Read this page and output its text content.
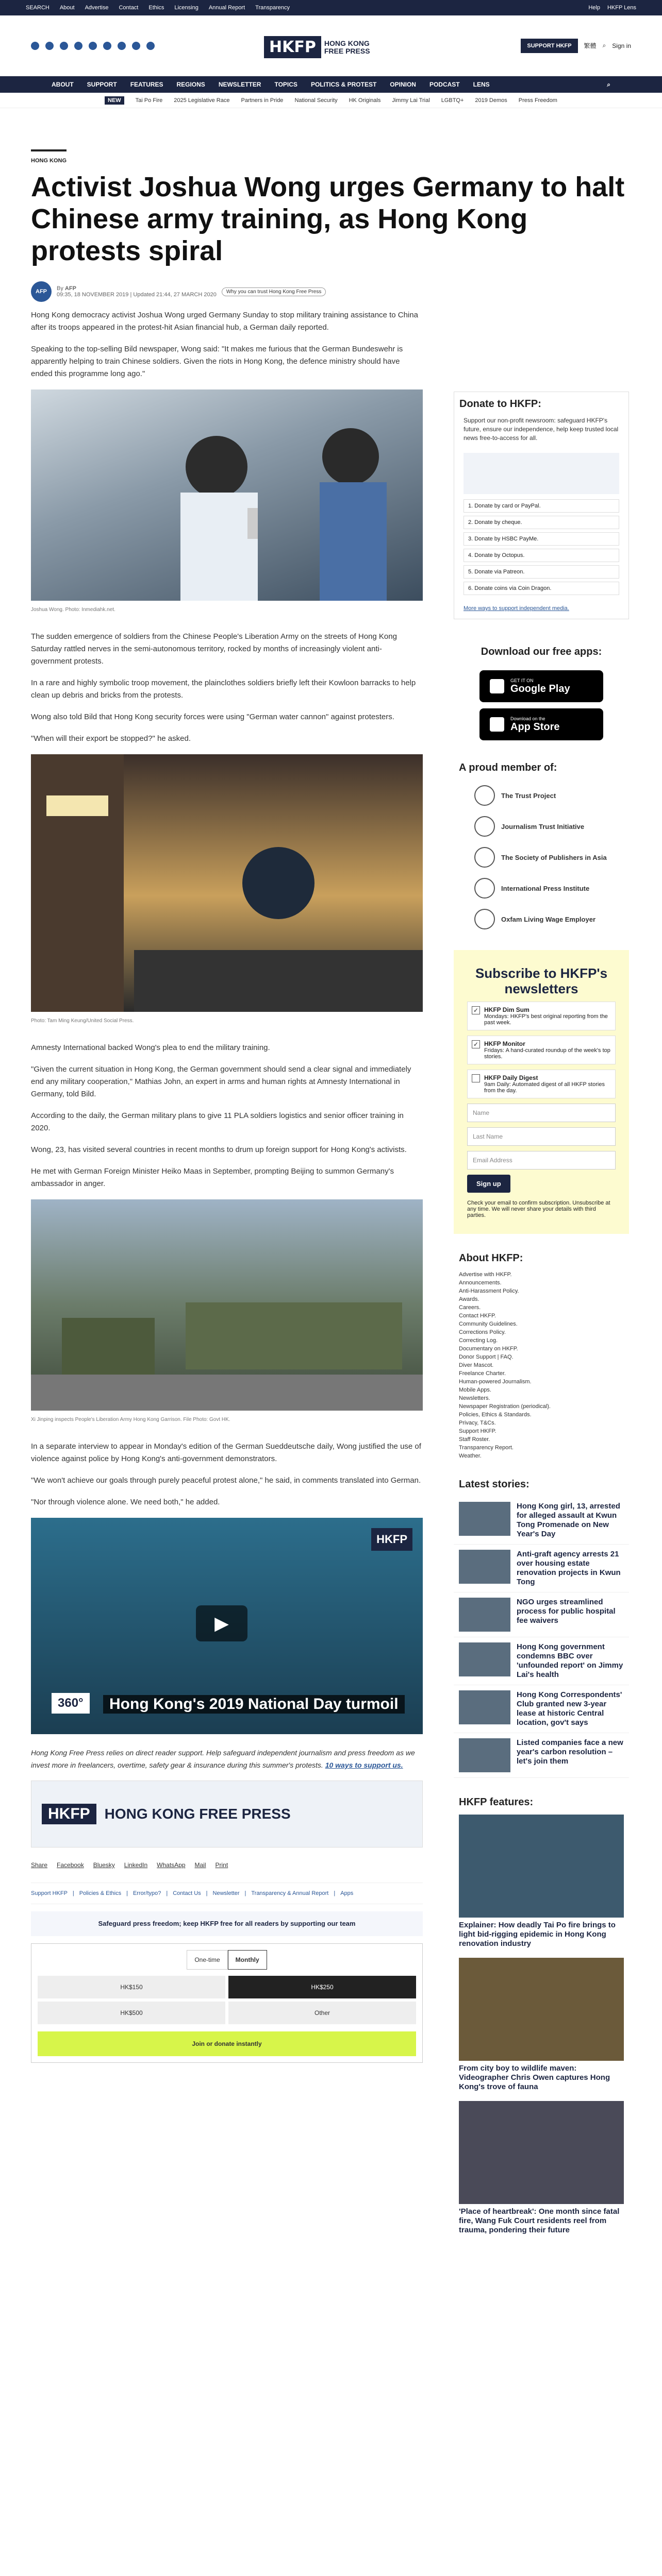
SEARCH About Advertise Contact Ethics Licensing Annual Report Transparency	Help HKFP Lens
HKFP	HONG KONG
FREE PRESS
SUPPORT HKFP	繁體 ⌕ Sign in
ABOUT SUPPORT FEATURES REGIONS NEWSLETTER TOPICS POLITICS & PROTEST OPINION PODCAST LENS	⌕
NEW	Tai Po Fire 2025 Legislative Race Partners in Pride National Security HK Originals Jimmy Lai Trial LGBTQ+ 2019 Demos Press Freedom
HONG KONG
Activist Joshua Wong urges Germany to halt Chinese army training, as Hong Kong protests spiral
AFP	By AFP
09:35, 18 NOVEMBER 2019 | Updated 21:44, 27 MARCH 2020	Why you can trust Hong Kong Free Press

Hong Kong democracy activist Joshua Wong urged Germany Sunday to stop military training assistance to China after its troops appeared in the protest-hit Asian financial hub, a German daily reported.

Speaking to the top-selling Bild newspaper, Wong said: "It makes me furious that the German Bundeswehr is apparently helping to train Chinese soldiers. Given the riots in Hong Kong, the defence ministry should have ended this programme long ago."

Joshua Wong. Photo: Inmediahk.net.

The sudden emergence of soldiers from the Chinese People's Liberation Army on the streets of Hong Kong Saturday rattled nerves in the semi-autonomous territory, rocked by months of increasingly violent anti-government protests.

In a rare and highly symbolic troop movement, the plainclothes soldiers briefly left their Kowloon barracks to help clean up debris and bricks from the protests.

Wong also told Bild that Hong Kong security forces were using "German water cannon" against protesters.

"When will their export be stopped?" he asked.

Photo: Tam Ming Keung/United Social Press.

Amnesty International backed Wong's plea to end the military training.

"Given the current situation in Hong Kong, the German government should send a clear signal and immediately end any military cooperation," Mathias John, an expert in arms and human rights at Amnesty International in Germany, told Bild.

According to the daily, the German military plans to give 11 PLA soldiers logistics and senior officer training in 2020.

Wong, 23, has visited several countries in recent months to drum up foreign support for Hong Kong's activists.

He met with German Foreign Minister Heiko Maas in September, prompting Beijing to summon Germany's ambassador in anger.

Xi Jinping inspects People's Liberation Army Hong Kong Garrison. File Photo: Govt HK.

In a separate interview to appear in Monday's edition of the German Sueddeutsche daily, Wong justified the use of violence against police by Hong Kong's anti-government demonstrators.

"We won't achieve our goals through purely peaceful protest alone," he said, in comments translated into German.

"Nor through violence alone. We need both," he added.

HKFP
▶
360°	Hong Kong's 2019 National Day turmoil

Hong Kong Free Press relies on direct reader support. Help safeguard independent journalism and press freedom as we invest more in freelancers, overtime, safety gear & insurance during this summer's protests. 10 ways to support us.

HKFP	HONG KONG FREE PRESS
Share Facebook Bluesky LinkedIn WhatsApp Mail Print
Support HKFP | Policies & Ethics | Error/typo? | Contact Us | Newsletter | Transparency & Annual Report | Apps
Safeguard press freedom; keep HKFP free for all readers by supporting our team
One-time	Monthly
HK$150	HK$250
HK$500	Other
Join or donate instantly
Donate to HKFP:
Support our non-profit newsroom: safeguard HKFP's future, ensure our independence, help keep trusted local news free-to-access for all.
1. Donate by card or PayPal.
2. Donate by cheque.
3. Donate by HSBC PayMe.
4. Donate by Octopus.
5. Donate via Patreon.
6. Donate coins via Coin Dragon.
More ways to support independent media.
Download our free apps:
GET IT ON
Google Play
Download on the
App Store
A proud member of:
The Trust Project
Journalism Trust Initiative
The Society of Publishers in Asia
International Press Institute
Oxfam Living Wage Employer
Subscribe to HKFP's newsletters
✓ HKFP Dim Sum
Mondays: HKFP's best original reporting from the past week.
✓ HKFP Monitor
Fridays: A hand-curated roundup of the week's top stories.
HKFP Daily Digest
9am Daily: Automated digest of all HKFP stories from the day.
Name
Last Name
Email Address
Sign up
Check your email to confirm subscription. Unsubscribe at any time. We will never share your details with third parties.
About HKFP:
Advertise with HKFP.
Announcements.
Anti-Harassment Policy.
Awards.
Careers.
Contact HKFP.
Community Guidelines.
Corrections Policy.
Correcting Log.
Documentary on HKFP.
Donor Support | FAQ.
Diver Mascot.
Freelance Charter.
Human-powered Journalism.
Mobile Apps.
Newsletters.
Newspaper Registration (periodical).
Policies, Ethics & Standards.
Privacy, T&Cs.
Support HKFP.
Staff Roster.
Transparency Report.
Weather.
Latest stories:
Hong Kong girl, 13, arrested for alleged assault at Kwun Tong Promenade on New Year's Day
Anti-graft agency arrests 21 over housing estate renovation projects in Kwun Tong
NGO urges streamlined process for public hospital fee waivers
Hong Kong government condemns BBC over 'unfounded report' on Jimmy Lai's health
Hong Kong Correspondents' Club granted new 3-year lease at historic Central location, gov't says
Listed companies face a new year's carbon resolution – let's join them
HKFP features:
Explainer: How deadly Tai Po fire brings to light bid-rigging epidemic in Hong Kong renovation industry
From city boy to wildlife maven: Videographer Chris Owen captures Hong Kong's trove of fauna
'Place of heartbreak': One month since fatal fire, Wang Fuk Court residents reel from trauma, pondering their future
